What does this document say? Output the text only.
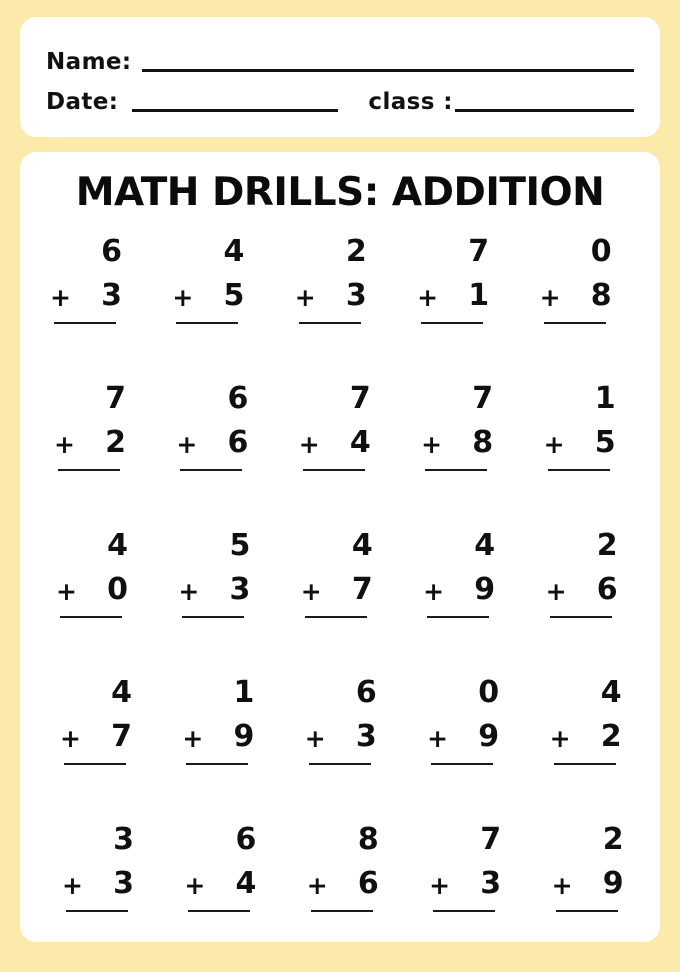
Name:
Date:	class :
MATH DRILLS: ADDITION
6
+ 3
4
+ 5
2
+ 3
7
+ 1
0
+ 8
7
+ 2
6
+ 6
7
+ 4
7
+ 8
1
+ 5
4
+ 0
5
+ 3
4
+ 7
4
+ 9
2
+ 6
4
+ 7
1
+ 9
6
+ 3
0
+ 9
4
+ 2
3
+ 3
6
+ 4
8
+ 6
7
+ 3
2
+ 9
